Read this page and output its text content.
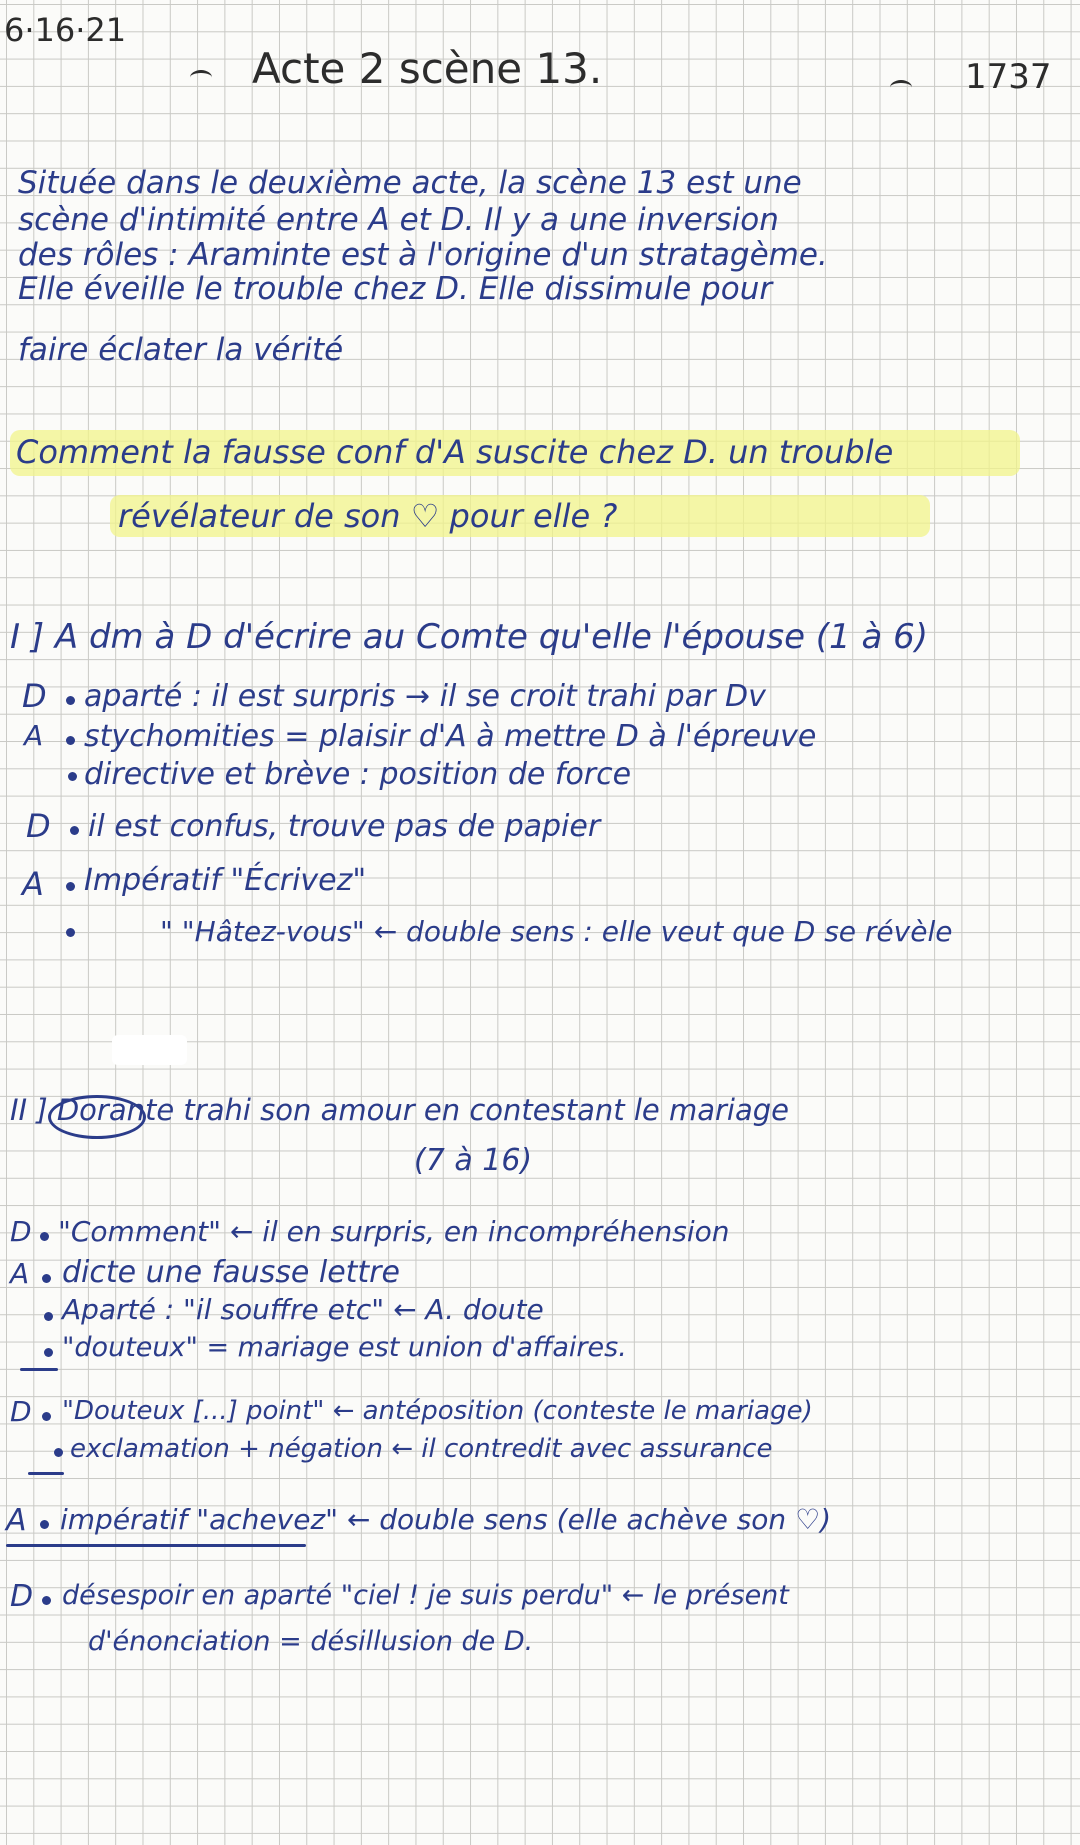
6·16·21
Acte 2 scène 13.	1737
Située dans le deuxième acte, la scène 13 est une
scène d'intimité entre A et D. Il y a une inversion
des rôles : Araminte est à l'origine d'un stratagème.
Elle éveille le trouble chez D. Elle dissimule pour
faire éclater la vérité
Comment la fausse conf d'A suscite chez D. un trouble
révélateur de son ♡ pour elle ?
I ] A dm à D d'écrire au Comte qu'elle l'épouse (1 à 6)
D aparté : il est surpris → il se croit trahi par Dv
A stychomities = plaisir d'A à mettre D à l'épreuve
directive et brève : position de force
D il est confus, trouve pas de papier
A Impératif "Écrivez"
" "Hâtez-vous" ← double sens : elle veut que D se révèle
II ] Dorante trahi son amour en contestant le mariage
(7 à 16)
D "Comment" ← il en surpris, en incompréhension
A dicte une fausse lettre
Aparté : "il souffre etc" ← A. doute
"douteux" = mariage est union d'affaires.
D "Douteux [...] point" ← antéposition (conteste le mariage)
exclamation + négation ← il contredit avec assurance
A impératif "achevez" ← double sens (elle achève son ♡)
D désespoir en aparté "ciel ! je suis perdu" ← le présent
d'énonciation = désillusion de D.
